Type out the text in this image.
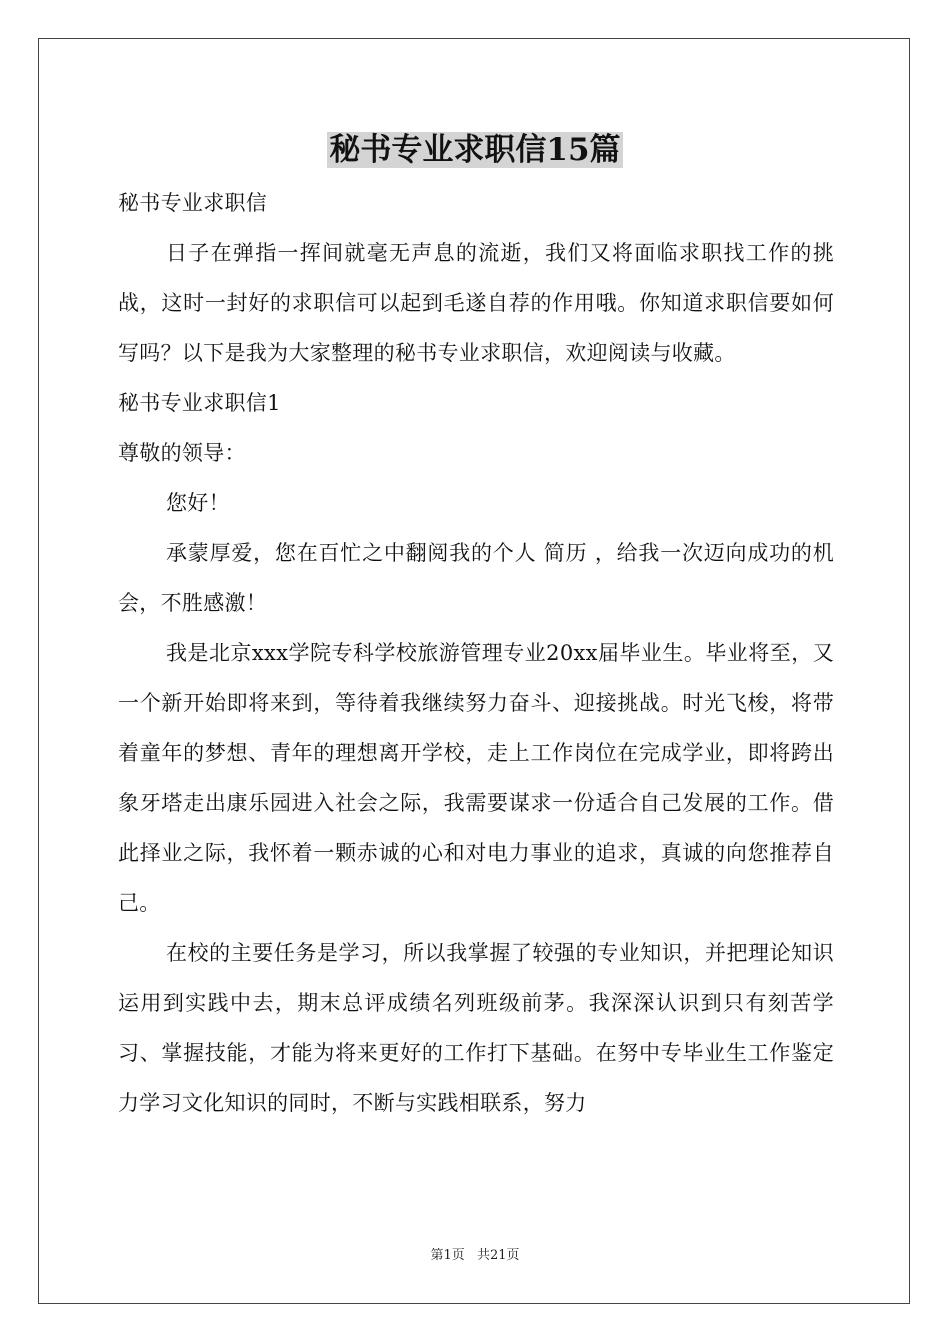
秘书专业求职信15篇

秘书专业求职信

日子在弹指一挥间就毫无声息的流逝，我们又将面临求职找工作的挑战，这时一封好的求职信可以起到毛遂自荐的作用哦。你知道求职信要如何写吗？以下是我为大家整理的秘书专业求职信，欢迎阅读与收藏。

秘书专业求职信1

尊敬的领导：

您好！

承蒙厚爱，您在百忙之中翻阅我的个人 简历 ，给我一次迈向成功的机会，不胜感激！

我是北京xxx学院专科学校旅游管理专业20xx届毕业生。毕业将至，又一个新开始即将来到，等待着我继续努力奋斗、迎接挑战。时光飞梭，将带着童年的梦想、青年的理想离开学校，走上工作岗位在完成学业，即将跨出象牙塔走出康乐园进入社会之际，我需要谋求一份适合自己发展的工作。借此择业之际，我怀着一颗赤诚的心和对电力事业的追求，真诚的向您推荐自己。

在校的主要任务是学习，所以我掌握了较强的专业知识，并把理论知识运用到实践中去，期末总评成绩名列班级前茅。我深深认识到只有刻苦学习、掌握技能，才能为将来更好的工作打下基础。在努中专毕业生工作鉴定力学习文化知识的同时，不断与实践相联系，努力

第1页 共21页
